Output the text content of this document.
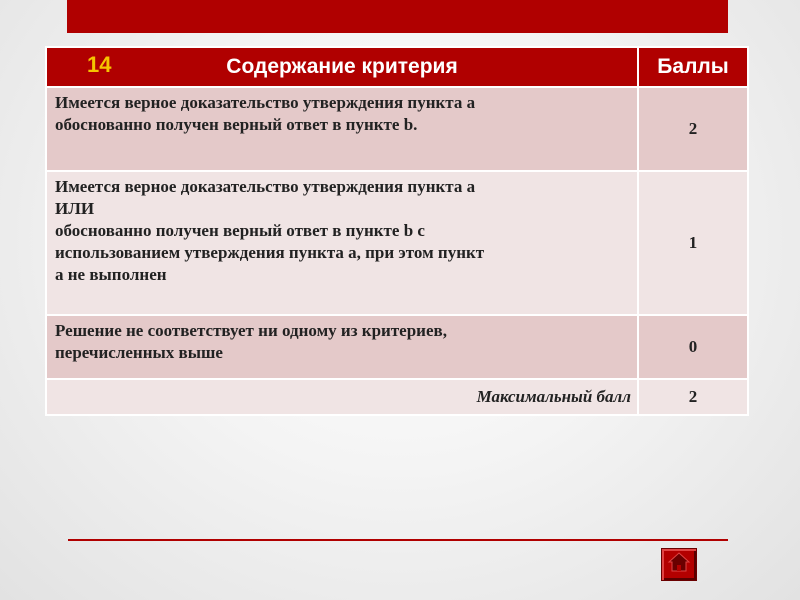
14 Содержание критерия	Баллы

Имеется верное доказательство утверждения пункта а
обоснованно получен верный ответ в пункте b.	2

Имеется верное доказательство утверждения пункта а
ИЛИ
обоснованно получен верный ответ в пункте b с
использованием утверждения пункта а, при этом пункт
а не выполнен	1

Решение не соответствует ни одному из критериев,
перечисленных выше	0
Максимальный балл	2
